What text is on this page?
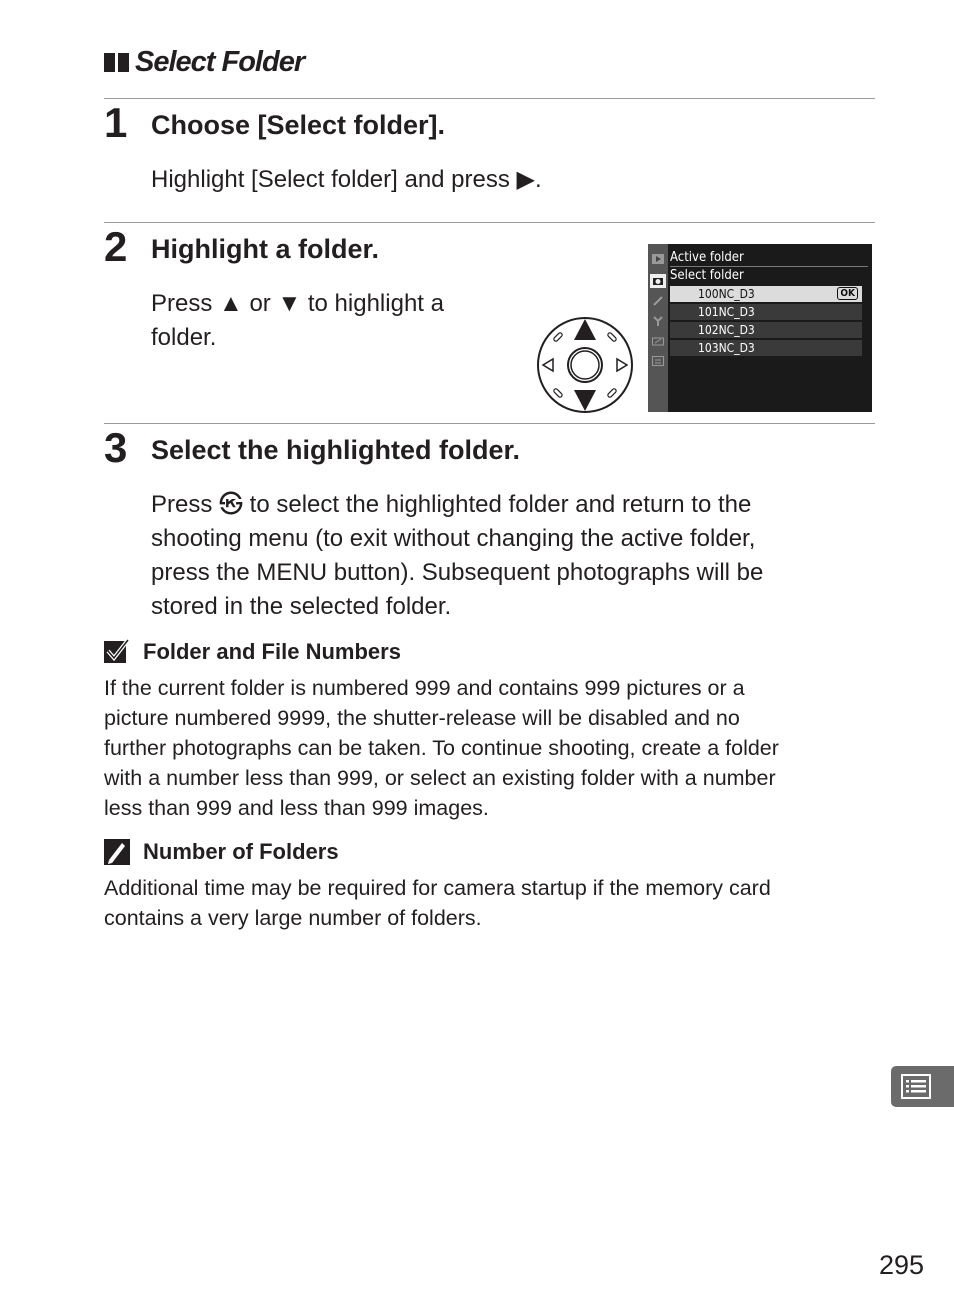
Select Folder
1 Choose [Select folder].
Highlight [Select folder] and press ▶.
2 Highlight a folder.
Press ▲ or ▼ to highlight a
folder.
Active folder
Select folder
100NC_D3	OK
101NC_D3
102NC_D3
103NC_D3
3 Select the highlighted folder.
Press ㉿ to select the highlighted folder and return to the
shooting menu (to exit without changing the active folder,
press the MENU button). Subsequent photographs will be
stored in the selected folder.
Folder and File Numbers
If the current folder is numbered 999 and contains 999 pictures or a
picture numbered 9999, the shutter-release will be disabled and no
further photographs can be taken. To continue shooting, create a folder
with a number less than 999, or select an existing folder with a number
less than 999 and less than 999 images.
Number of Folders
Additional time may be required for camera startup if the memory card
contains a very large number of folders.
295
